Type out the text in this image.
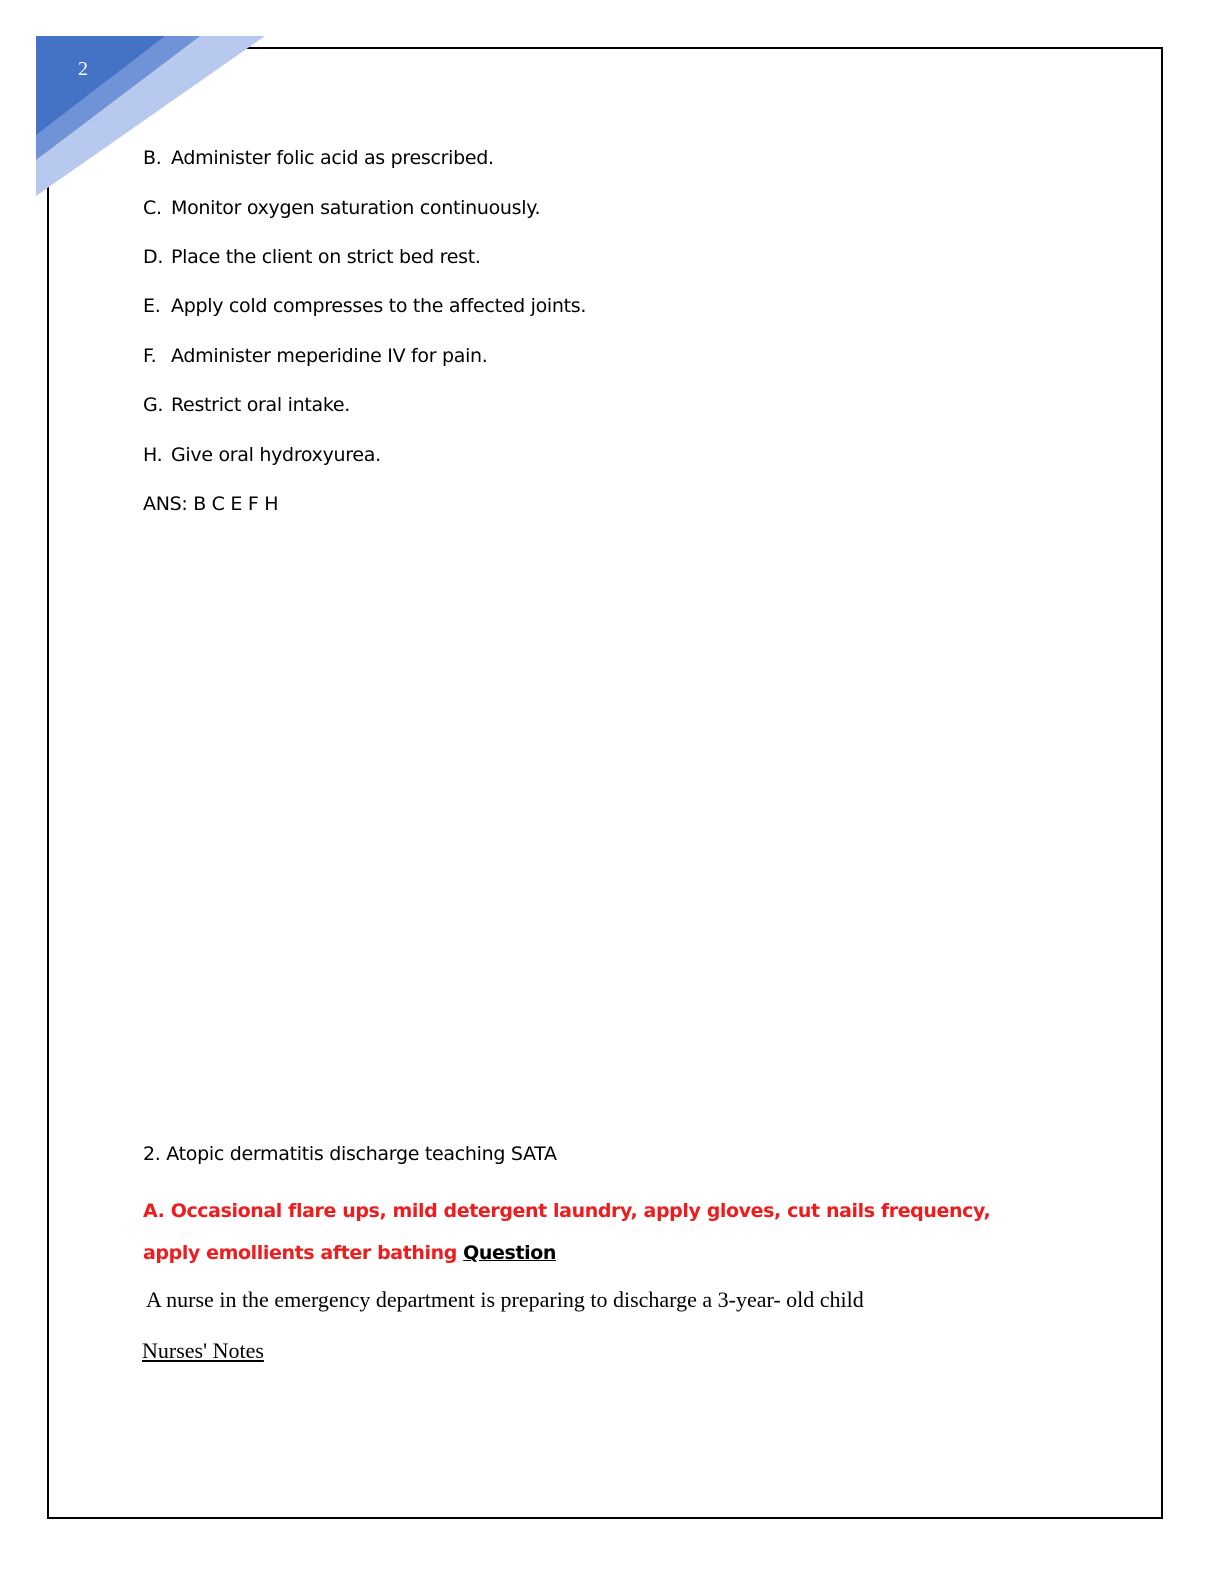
2
B. Administer folic acid as prescribed.
C. Monitor oxygen saturation continuously.
D. Place the client on strict bed rest.
E. Apply cold compresses to the affected joints.
F. Administer meperidine IV for pain.
G. Restrict oral intake.
H. Give oral hydroxyurea.
ANS: B C E F H
2. Atopic dermatitis discharge teaching SATA
A. Occasional flare ups, mild detergent laundry, apply gloves, cut nails frequency, apply emollients after bathing Question
A nurse in the emergency department is preparing to discharge a 3-year- old child
Nurses' Notes
